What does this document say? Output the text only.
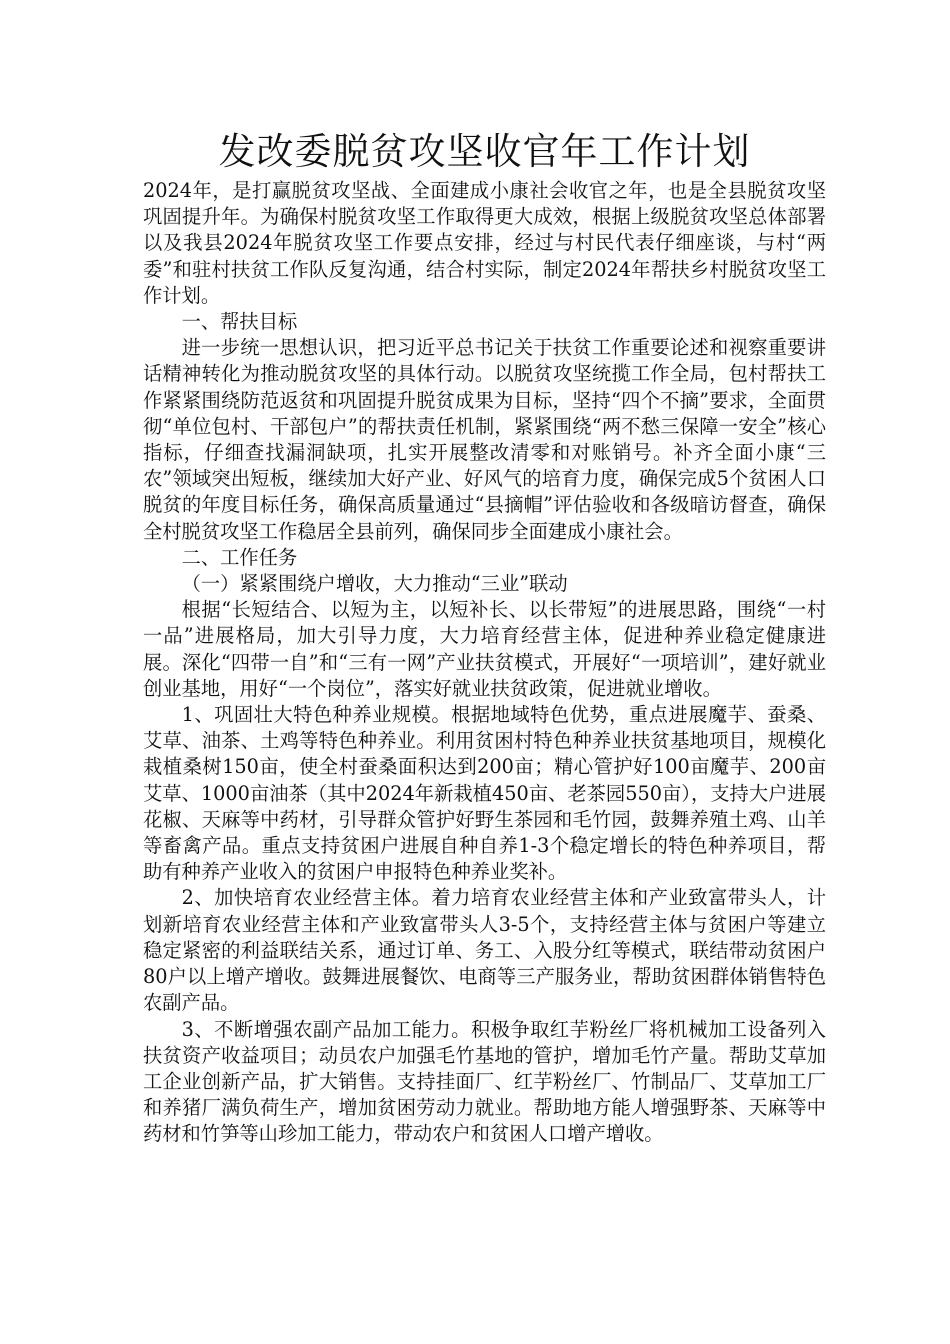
发改委脱贫攻坚收官年工作计划

2024年，是打赢脱贫攻坚战、全面建成小康社会收官之年，也是全县脱贫攻坚巩固提升年。为确保村脱贫攻坚工作取得更大成效，根据上级脱贫攻坚总体部署以及我县2024年脱贫攻坚工作要点安排，经过与村民代表仔细座谈，与村“两委”和驻村扶贫工作队反复沟通，结合村实际，制定2024年帮扶乡村脱贫攻坚工作计划。

一、帮扶目标

进一步统一思想认识，把习近平总书记关于扶贫工作重要论述和视察重要讲话精神转化为推动脱贫攻坚的具体行动。以脱贫攻坚统揽工作全局，包村帮扶工作紧紧围绕防范返贫和巩固提升脱贫成果为目标，坚持“四个不摘”要求，全面贯彻“单位包村、干部包户”的帮扶责任机制，紧紧围绕“两不愁三保障一安全”核心指标，仔细查找漏洞缺项，扎实开展整改清零和对账销号。补齐全面小康“三农”领域突出短板，继续加大好产业、好风气的培育力度，确保完成5个贫困人口脱贫的年度目标任务，确保高质量通过“县摘帽”评估验收和各级暗访督查，确保全村脱贫攻坚工作稳居全县前列，确保同步全面建成小康社会。

二、工作任务

（一）紧紧围绕户增收，大力推动“三业”联动

根据“长短结合、以短为主，以短补长、以长带短”的进展思路，围绕“一村一品”进展格局，加大引导力度，大力培育经营主体，促进种养业稳定健康进展。深化“四带一自”和“三有一网”产业扶贫模式，开展好“一项培训”，建好就业创业基地，用好“一个岗位”，落实好就业扶贫政策，促进就业增收。

1、巩固壮大特色种养业规模。根据地域特色优势，重点进展魔芋、蚕桑、艾草、油茶、土鸡等特色种养业。利用贫困村特色种养业扶贫基地项目，规模化栽植桑树150亩，使全村蚕桑面积达到200亩；精心管护好100亩魔芋、200亩艾草、1000亩油茶（其中2024年新栽植450亩、老茶园550亩），支持大户进展花椒、天麻等中药材，引导群众管护好野生茶园和毛竹园，鼓舞养殖土鸡、山羊等畜禽产品。重点支持贫困户进展自种自养1-3个稳定增长的特色种养项目，帮助有种养产业收入的贫困户申报特色种养业奖补。

2、加快培育农业经营主体。着力培育农业经营主体和产业致富带头人，计划新培育农业经营主体和产业致富带头人3-5个，支持经营主体与贫困户等建立稳定紧密的利益联结关系，通过订单、务工、入股分红等模式，联结带动贫困户80户以上增产增收。鼓舞进展餐饮、电商等三产服务业，帮助贫困群体销售特色农副产品。

3、不断增强农副产品加工能力。积极争取红芋粉丝厂将机械加工设备列入扶贫资产收益项目；动员农户加强毛竹基地的管护，增加毛竹产量。帮助艾草加工企业创新产品，扩大销售。支持挂面厂、红芋粉丝厂、竹制品厂、艾草加工厂和养猪厂满负荷生产，增加贫困劳动力就业。帮助地方能人增强野茶、天麻等中药材和竹笋等山珍加工能力，带动农户和贫困人口增产增收。
